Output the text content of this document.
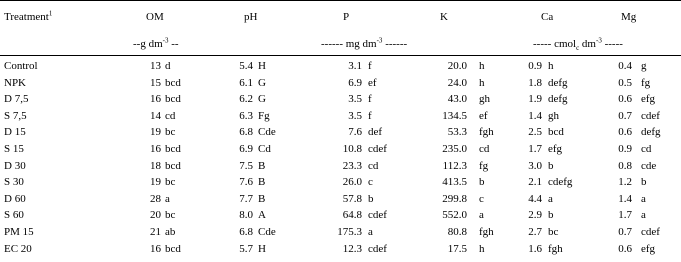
Treatment$^1$	OM	pH	P	K	Ca	Mg
--g $dm^{-3}$ --	------ mg $dm^{-3}$ ------	----- cmol$_c$ $dm^{-3}$ -----
Control	13 d	5.4 H	3.1 f	20.0 h	0.9 h	0.4 g
NPK	15 bcd	6.1 G	6.9 ef	24.0 h	1.8 defg	0.5 fg
D 7,5	16 bcd	6.2 G	3.5 f	43.0 gh	1.9 defg	0.6 efg
S 7,5	14 cd	6.3 Fg	3.5 f	134.5 ef	1.4 gh	0.7 cdef
D 15	19 bc	6.8 Cde	7.6 def	53.3 fgh	2.5 bcd	0.6 defg
S 15	16 bcd	6.9 Cd	10.8 cdef	235.0 cd	1.7 efg	0.9 cd
D 30	18 bcd	7.5 B	23.3 cd	112.3 fg	3.0 b	0.8 cde
S 30	19 bc	7.6 B	26.0 c	413.5 b	2.1 cdefg	1.2 b
D 60	28 a	7.7 B	57.8 b	299.8 c	4.4 a	1.4 a
S 60	20 bc	8.0 A	64.8 cdef	552.0 a	2.9 b	1.7 a
PM 15	21 ab	6.8 Cde	175.3 a	80.8 fgh	2.7 bc	0.7 cdef
EC 20	16 bcd	5.7 H	12.3 cdef	17.5 h	1.6 fgh	0.6 efg
